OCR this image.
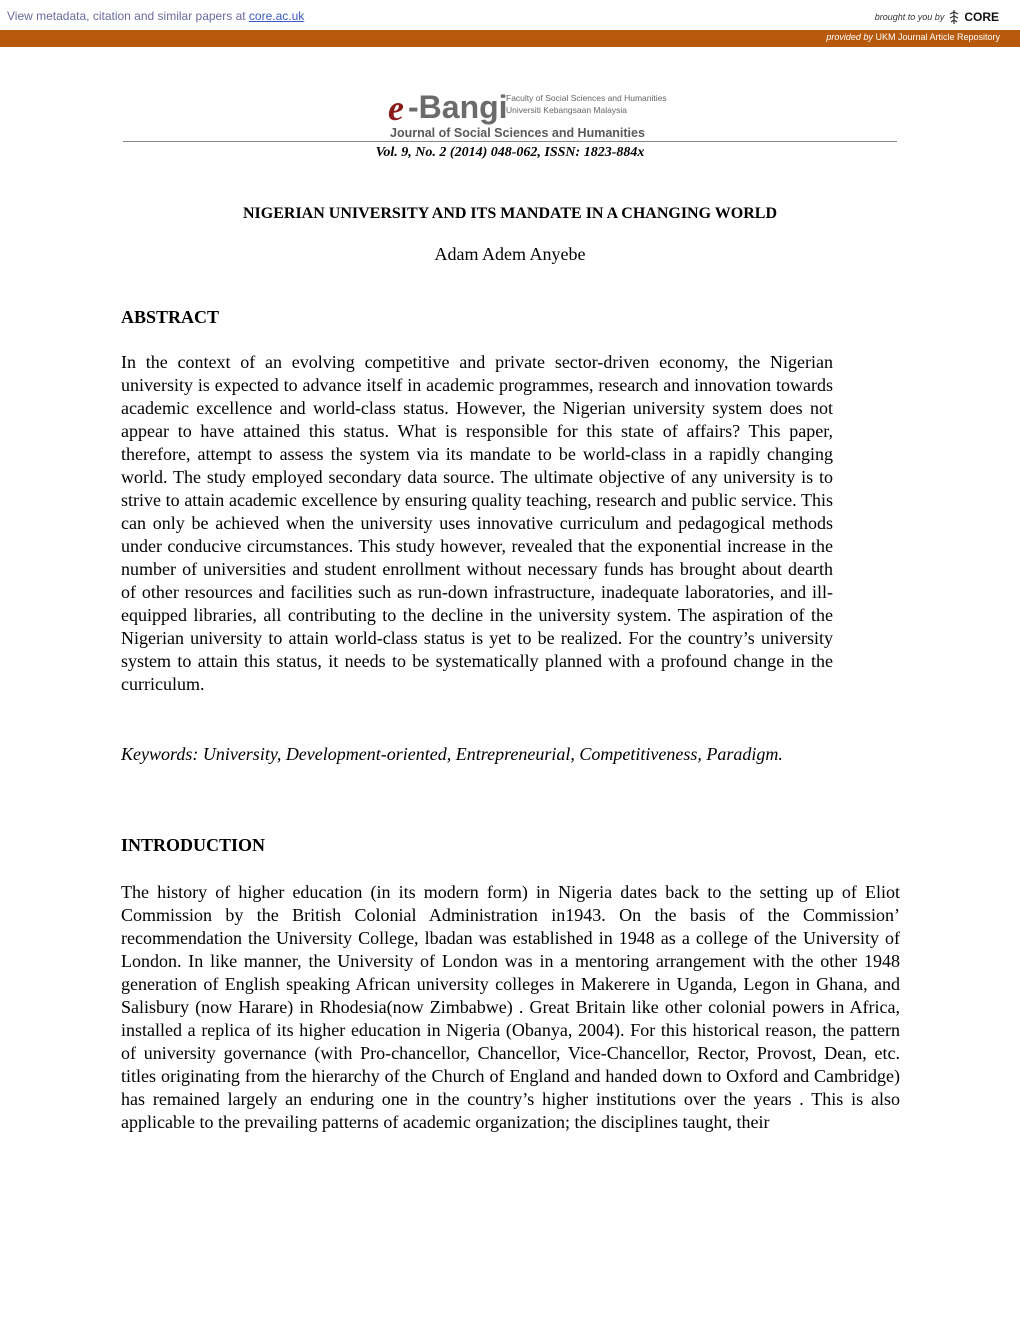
View metadata, citation and similar papers at core.ac.uk	brought to you by CORE
provided by UKM Journal Article Repository
e -Bangi
Faculty of Social Sciences and Humanities
Universiti Kebangsaan Malaysia
Journal of Social Sciences and Humanities
Vol. 9, No. 2 (2014) 048-062, ISSN: 1823-884x
NIGERIAN UNIVERSITY AND ITS MANDATE IN A CHANGING WORLD
Adam Adem Anyebe
ABSTRACT

In the context of an evolving competitive and private sector-driven economy, the Nigerian university is expected to advance itself in academic programmes, research and innovation towards academic excellence and world-class status. However, the Nigerian university system does not appear to have attained this status. What is responsible for this state of affairs? This paper, therefore, attempt to assess the system via its mandate to be world-class in a rapidly changing world. The study employed secondary data source. The ultimate objective of any university is to strive to attain academic excellence by ensuring quality teaching, research and public service. This can only be achieved when the university uses innovative curriculum and pedagogical methods under conducive circumstances. This study however, revealed that the exponential increase in the number of universities and student enrollment without necessary funds has brought about dearth of other resources and facilities such as run-down infrastructure, inadequate laboratories, and ill-equipped libraries, all contributing to the decline in the university system. The aspiration of the Nigerian university to attain world-class status is yet to be realized. For the country’s university system to attain this status, it needs to be systematically planned with a profound change in the curriculum.

Keywords: University, Development-oriented, Entrepreneurial, Competitiveness, Paradigm.

INTRODUCTION

The history of higher education (in its modern form) in Nigeria dates back to the setting up of Eliot Commission by the British Colonial Administration in1943. On the basis of the Commission’ recommendation the University College, lbadan was established in 1948 as a college of the University of London. In like manner, the University of London was in a mentoring arrangement with the other 1948 generation of English speaking African university colleges in Makerere in Uganda, Legon in Ghana, and Salisbury (now Harare) in Rhodesia(now Zimbabwe) . Great Britain like other colonial powers in Africa, installed a replica of its higher education in Nigeria (Obanya, 2004). For this historical reason, the pattern of university governance (with Pro-chancellor, Chancellor, Vice-Chancellor, Rector, Provost, Dean, etc. titles originating from the hierarchy of the Church of England and handed down to Oxford and Cambridge) has remained largely an enduring one in the country’s higher institutions over the years . This is also applicable to the prevailing patterns of academic organization; the disciplines taught, their
